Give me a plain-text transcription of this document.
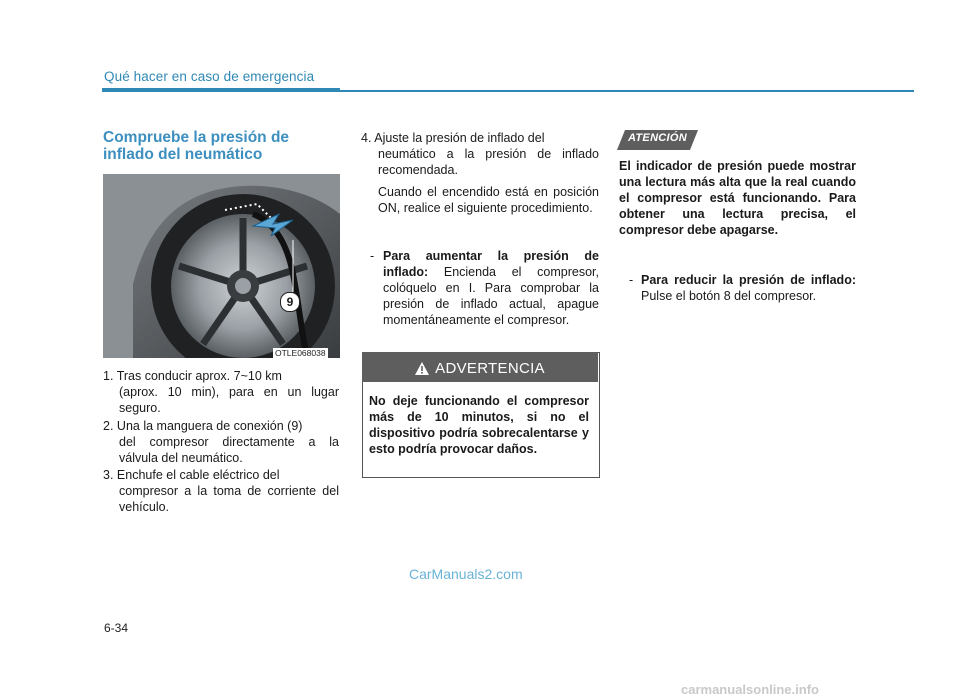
Qué hacer en caso de emergencia
Compruebe la presión de
inflado del neumático
9
OTLE068038
1. Tras conducir aprox. 7~10 km
(aprox. 10 min), para en un lugar seguro.
2. Una la manguera de conexión (9)
del compresor directamente a la válvula del neumático.
3. Enchufe el cable eléctrico del
compresor a la toma de corriente del vehículo.
4. Ajuste la presión de inflado del
neumático a la presión de inflado recomendada.
Cuando el encendido está en posición ON, realice el siguiente procedimiento.
- Para aumentar la presión de inflado: Encienda el compresor, colóquelo en I. Para comprobar la presión de inflado actual, apague momentáneamente el compresor.
ADVERTENCIA
No deje funcionando el compresor más de 10 minutos, si no el dispositivo podría sobrecalentarse y esto podría provocar daños.
ATENCIÓN
El indicador de presión puede mostrar una lectura más alta que la real cuando el compresor está funcionando. Para obtener una lectura precisa, el compresor debe apagarse.
- Para reducir la presión de inflado: Pulse el botón 8 del compresor.
CarManuals2.com
6-34
carmanualsonline.info
